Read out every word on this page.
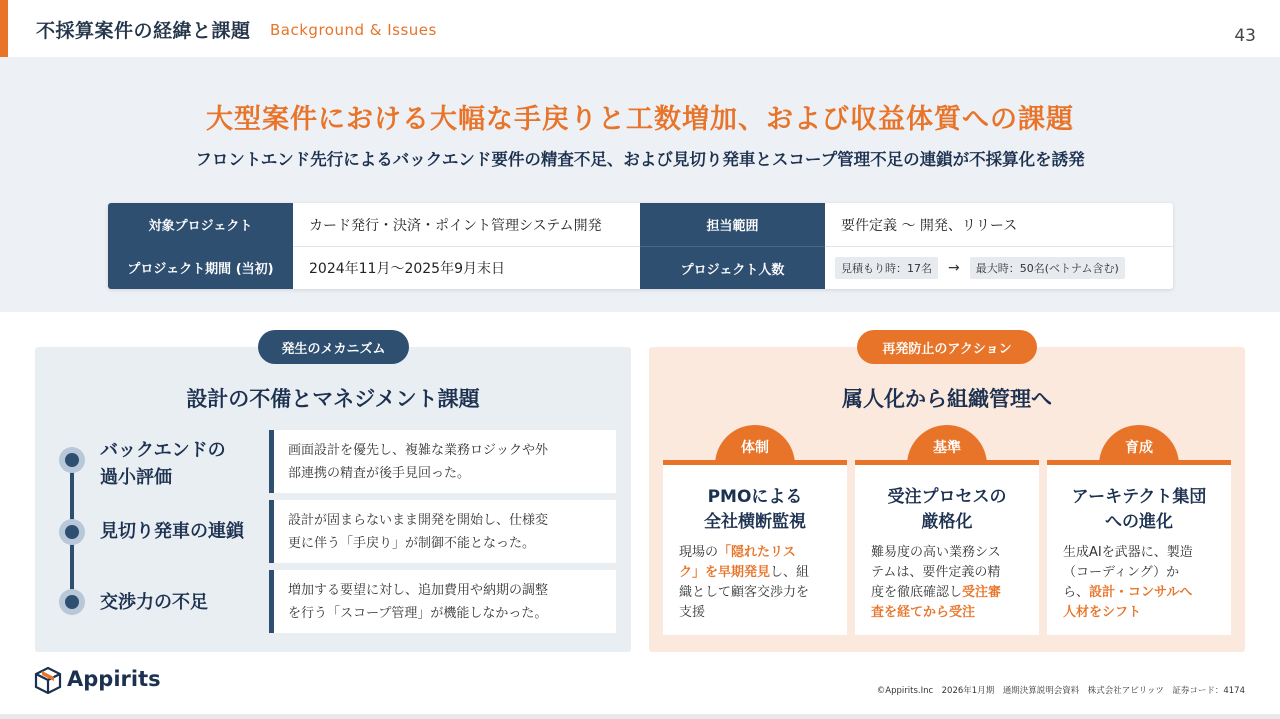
不採算案件の経緯と課題 Background & Issues	43
大型案件における大幅な手戻りと工数増加、および収益体質への課題
フロントエンド先行によるバックエンド要件の精査不足、および見切り発車とスコープ管理不足の連鎖が不採算化を誘発
対象プロジェクト	カード発行・決済・ポイント管理システム開発	担当範囲	要件定義 〜 開発、リリース
プロジェクト期間 (当初)	2024年11月〜2025年9月末日	プロジェクト人数	見積もり時：17名	→	最大時：50名(ベトナム含む)
発生のメカニズム
設計の不備とマネジメント課題
バックエンドの
過小評価
見切り発車の連鎖
交渉力の不足
画面設計を優先し、複雑な業務ロジックや外
部連携の精査が後手見回った。
設計が固まらないまま開発を開始し、仕様変
更に伴う「手戻り」が制御不能となった。
増加する要望に対し、追加費用や納期の調整
を行う「スコープ管理」が機能しなかった。
再発防止のアクション
属人化から組織管理へ
体制	基準	育成
PMOによる
全社横断監視
現場の「隠れたリス
ク」を早期発見し、組
織として顧客交渉力を
支援
受注プロセスの
厳格化
難易度の高い業務シス
テムは、要件定義の精
度を徹底確認し受注審
査を経てから受注
アーキテクト集団
への進化
生成AIを武器に、製造
（コーディング）か
ら、設計・コンサルへ
人材をシフト
Appirits	©Appirits.Inc　2026年1月期　通期決算説明会資料　株式会社アピリッツ　証券コード：4174
